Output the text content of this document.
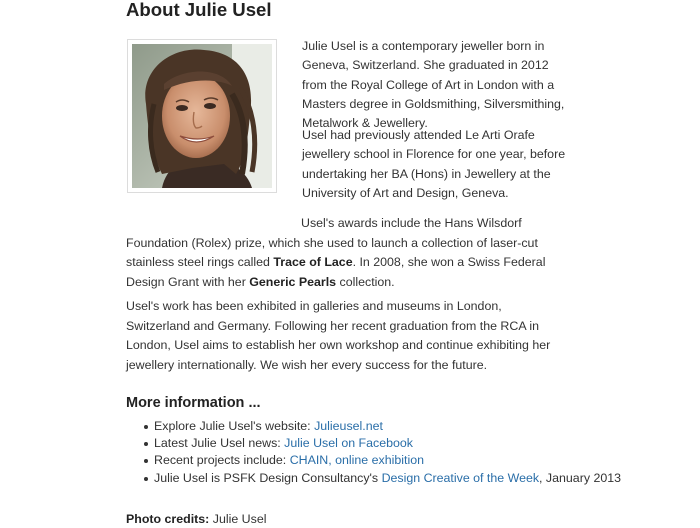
About Julie Usel

Julie Usel is a contemporary jeweller born in Geneva, Switzerland. She graduated in 2012 from the Royal College of Art in London with a Masters degree in Goldsmithing, Silversmithing, Metalwork & Jewellery.

Usel had previously attended Le Arti Orafe jewellery school in Florence for one year, before undertaking her BA (Hons) in Jewellery at the University of Art and Design, Geneva.

Usel's awards include the Hans Wilsdorf Foundation (Rolex) prize, which she used to launch a collection of laser-cut stainless steel rings called Trace of Lace. In 2008, she won a Swiss Federal Design Grant with her Generic Pearls collection.

Usel's work has been exhibited in galleries and museums in London, Switzerland and Germany. Following her recent graduation from the RCA in London, Usel aims to establish her own workshop and continue exhibiting her jewellery internationally. We wish her every success for the future.

More information ...
Explore Julie Usel's website: Julieusel.net
Latest Julie Usel news: Julie Usel on Facebook
Recent projects include: CHAIN, online exhibition
Julie Usel is PSFK Design Consultancy's Design Creative of the Week, January 2013
Photo credits: Julie Usel
